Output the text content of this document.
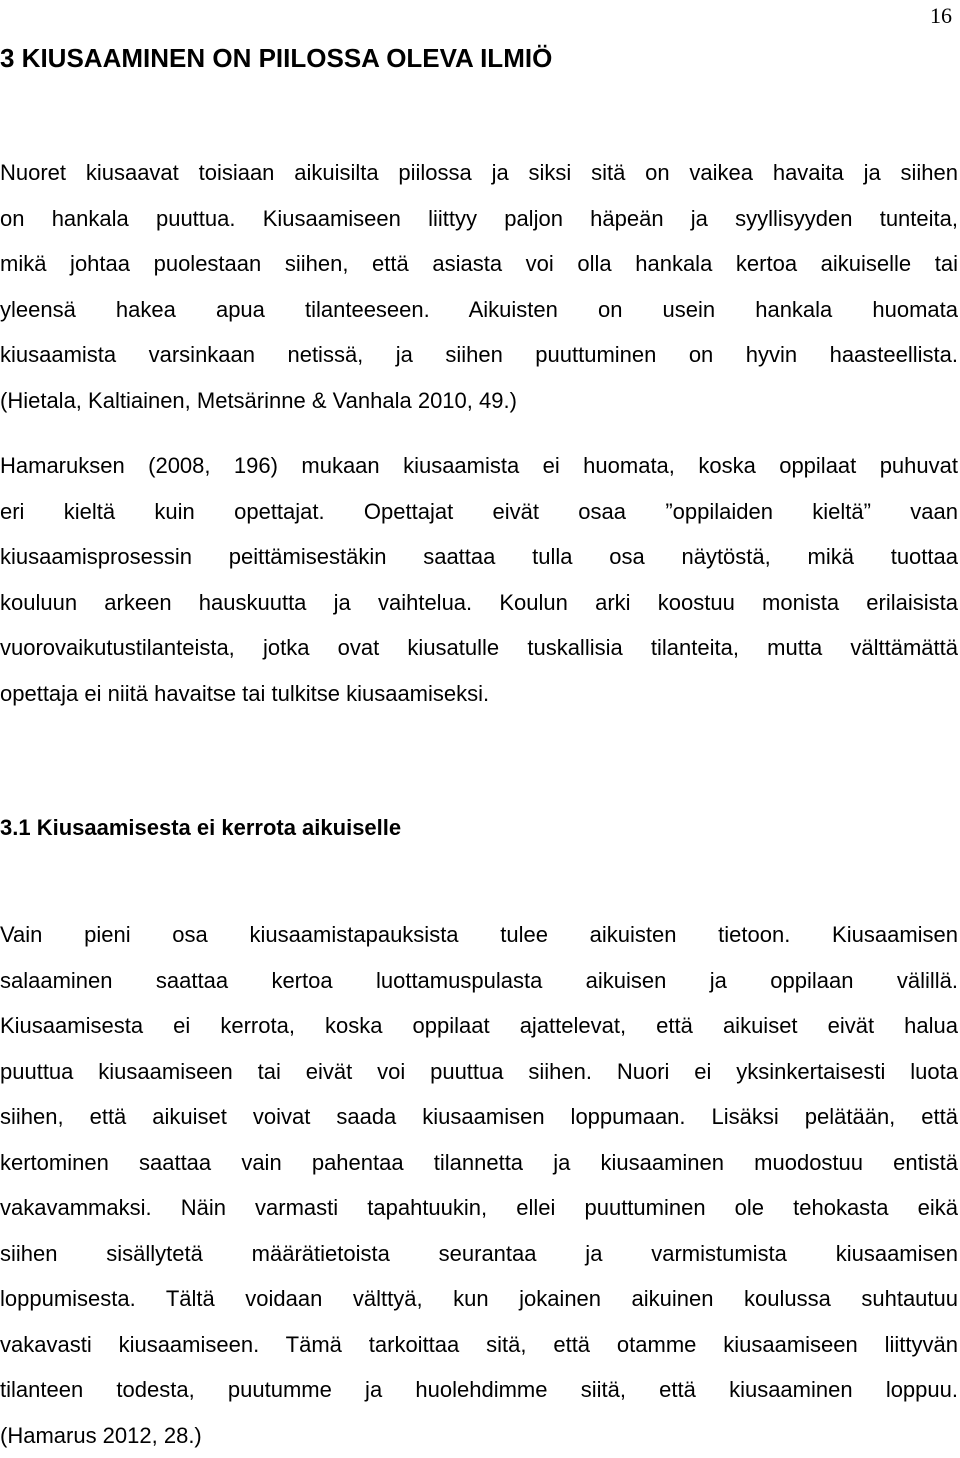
16
3 KIUSAAMINEN ON PIILOSSA OLEVA ILMIÖ
Nuoret kiusaavat toisiaan aikuisilta piilossa ja siksi sitä on vaikea havaita ja siihen
on hankala puuttua. Kiusaamiseen liittyy paljon häpeän ja syyllisyyden tunteita,
mikä johtaa puolestaan siihen, että asiasta voi olla hankala kertoa aikuiselle tai
yleensä hakea apua tilanteeseen. Aikuisten on usein hankala huomata
kiusaamista varsinkaan netissä, ja siihen puuttuminen on hyvin haasteellista.
(Hietala, Kaltiainen, Metsärinne & Vanhala 2010, 49.)
Hamaruksen (2008, 196) mukaan kiusaamista ei huomata, koska oppilaat puhuvat
eri kieltä kuin opettajat. Opettajat eivät osaa ”oppilaiden kieltä” vaan
kiusaamisprosessin peittämisestäkin saattaa tulla osa näytöstä, mikä tuottaa
kouluun arkeen hauskuutta ja vaihtelua. Koulun arki koostuu monista erilaisista
vuorovaikutustilanteista, jotka ovat kiusatulle tuskallisia tilanteita, mutta välttämättä
opettaja ei niitä havaitse tai tulkitse kiusaamiseksi.
3.1 Kiusaamisesta ei kerrota aikuiselle
Vain pieni osa kiusaamistapauksista tulee aikuisten tietoon. Kiusaamisen
salaaminen saattaa kertoa luottamuspulasta aikuisen ja oppilaan välillä.
Kiusaamisesta ei kerrota, koska oppilaat ajattelevat, että aikuiset eivät halua
puuttua kiusaamiseen tai eivät voi puuttua siihen. Nuori ei yksinkertaisesti luota
siihen, että aikuiset voivat saada kiusaamisen loppumaan. Lisäksi pelätään, että
kertominen saattaa vain pahentaa tilannetta ja kiusaaminen muodostuu entistä
vakavammaksi. Näin varmasti tapahtuukin, ellei puuttuminen ole tehokasta eikä
siihen sisällytetä määrätietoista seurantaa ja varmistumista kiusaamisen
loppumisesta. Tältä voidaan välttyä, kun jokainen aikuinen koulussa suhtautuu
vakavasti kiusaamiseen. Tämä tarkoittaa sitä, että otamme kiusaamiseen liittyvän
tilanteen todesta, puutumme ja huolehdimme siitä, että kiusaaminen loppuu.
(Hamarus 2012, 28.)
